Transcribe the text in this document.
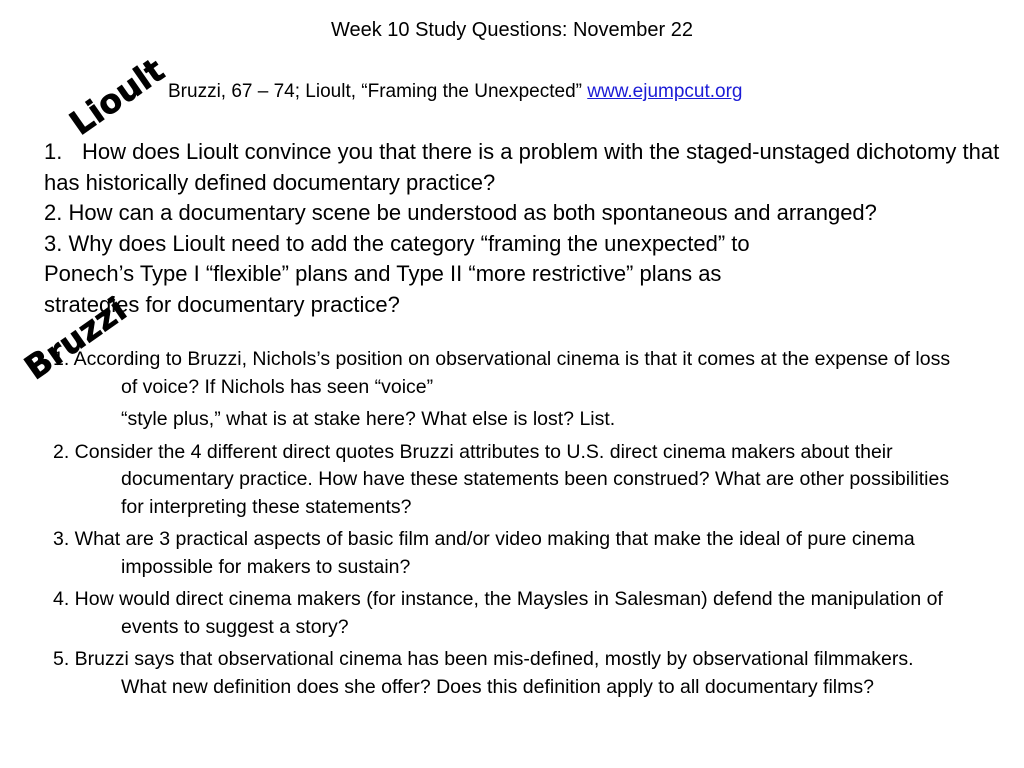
Week 10 Study Questions: November 22
Bruzzi, 67 – 74; Lioult, “Framing the Unexpected” www.ejumpcut.org
Lioult

1. How does Lioult convince you that there is a problem with the staged-unstaged dichotomy that has historically defined documentary practice?

2. How can a documentary scene be understood as both spontaneous and arranged?

3. Why does Lioult need to add the category “framing the unexpected” to
Ponech’s Type I “flexible” plans and Type II “more restrictive” plans as
strategies for documentary practice?

1. According to Bruzzi, Nichols’s position on observational cinema is that it comes at the expense of loss of voice? If Nichols has seen “voice”

“style plus,” what is at stake here? What else is lost? List.

2. Consider the 4 different direct quotes Bruzzi attributes to U.S. direct cinema makers about their documentary practice. How have these statements been construed? What are other possibilities for interpreting these statements?

3. What are 3 practical aspects of basic film and/or video making that make the ideal of pure cinema impossible for makers to sustain?

4. How would direct cinema makers (for instance, the Maysles in Salesman) defend the manipulation of events to suggest a story?

5. Bruzzi says that observational cinema has been mis-defined, mostly by observational filmmakers. What new definition does she offer? Does this definition apply to all documentary films?

Bruzzi
